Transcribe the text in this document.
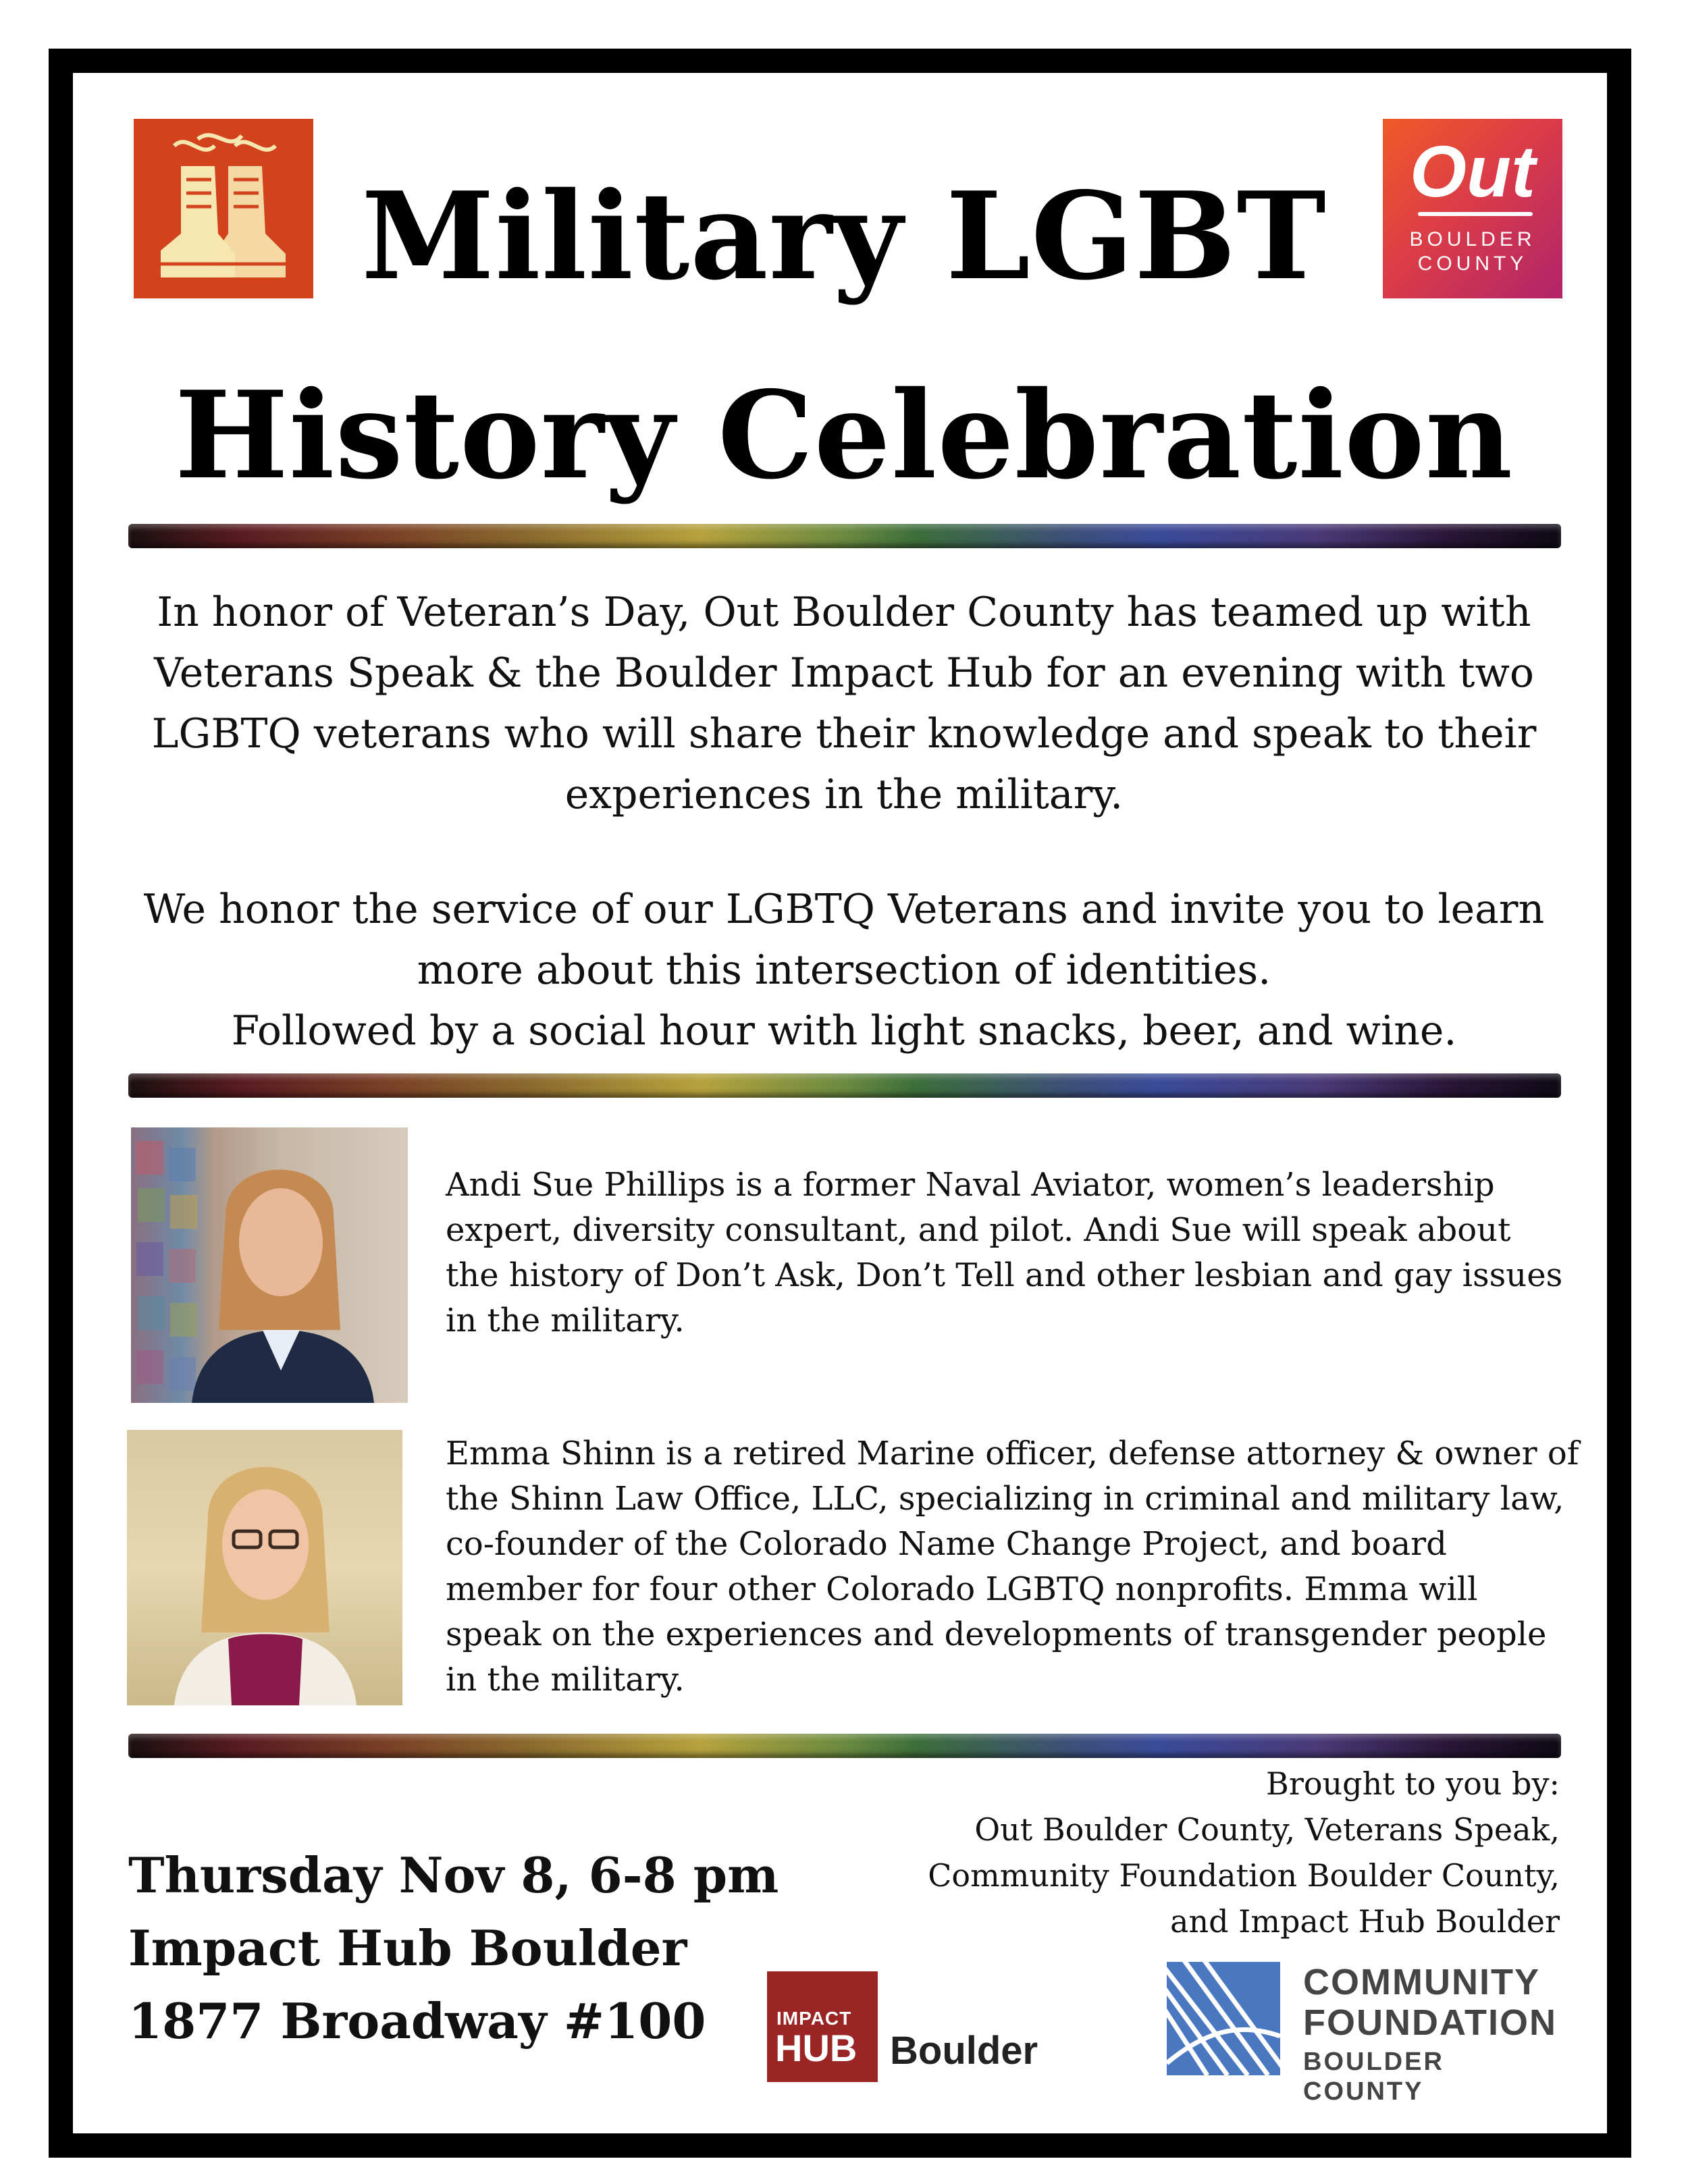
Out
BOULDER
COUNTY
Military LGBT
History Celebration
In honor of Veteran’s Day, Out Boulder County has teamed up with
Veterans Speak & the Boulder Impact Hub for an evening with two
LGBTQ veterans who will share their knowledge and speak to their
experiences in the military.
We honor the service of our LGBTQ Veterans and invite you to learn
more about this intersection of identities.
Followed by a social hour with light snacks, beer, and wine.
Andi Sue Phillips is a former Naval Aviator, women’s leadership
expert, diversity consultant, and pilot. Andi Sue will speak about
the history of Don’t Ask, Don’t Tell and other lesbian and gay issues
in the military.
Emma Shinn is a retired Marine officer, defense attorney & owner of
the Shinn Law Office, LLC, specializing in criminal and military law,
co-founder of the Colorado Name Change Project, and board
member for four other Colorado LGBTQ nonprofits. Emma will
speak on the experiences and developments of transgender people
in the military.
Thursday Nov 8, 6-8 pm
Impact Hub Boulder
1877 Broadway #100
Brought to you by:
Out Boulder County, Veterans Speak,
Community Foundation Boulder County,
and Impact Hub Boulder
IMPACT
HUB Boulder
COMMUNITY
FOUNDATION
BOULDER COUNTY
